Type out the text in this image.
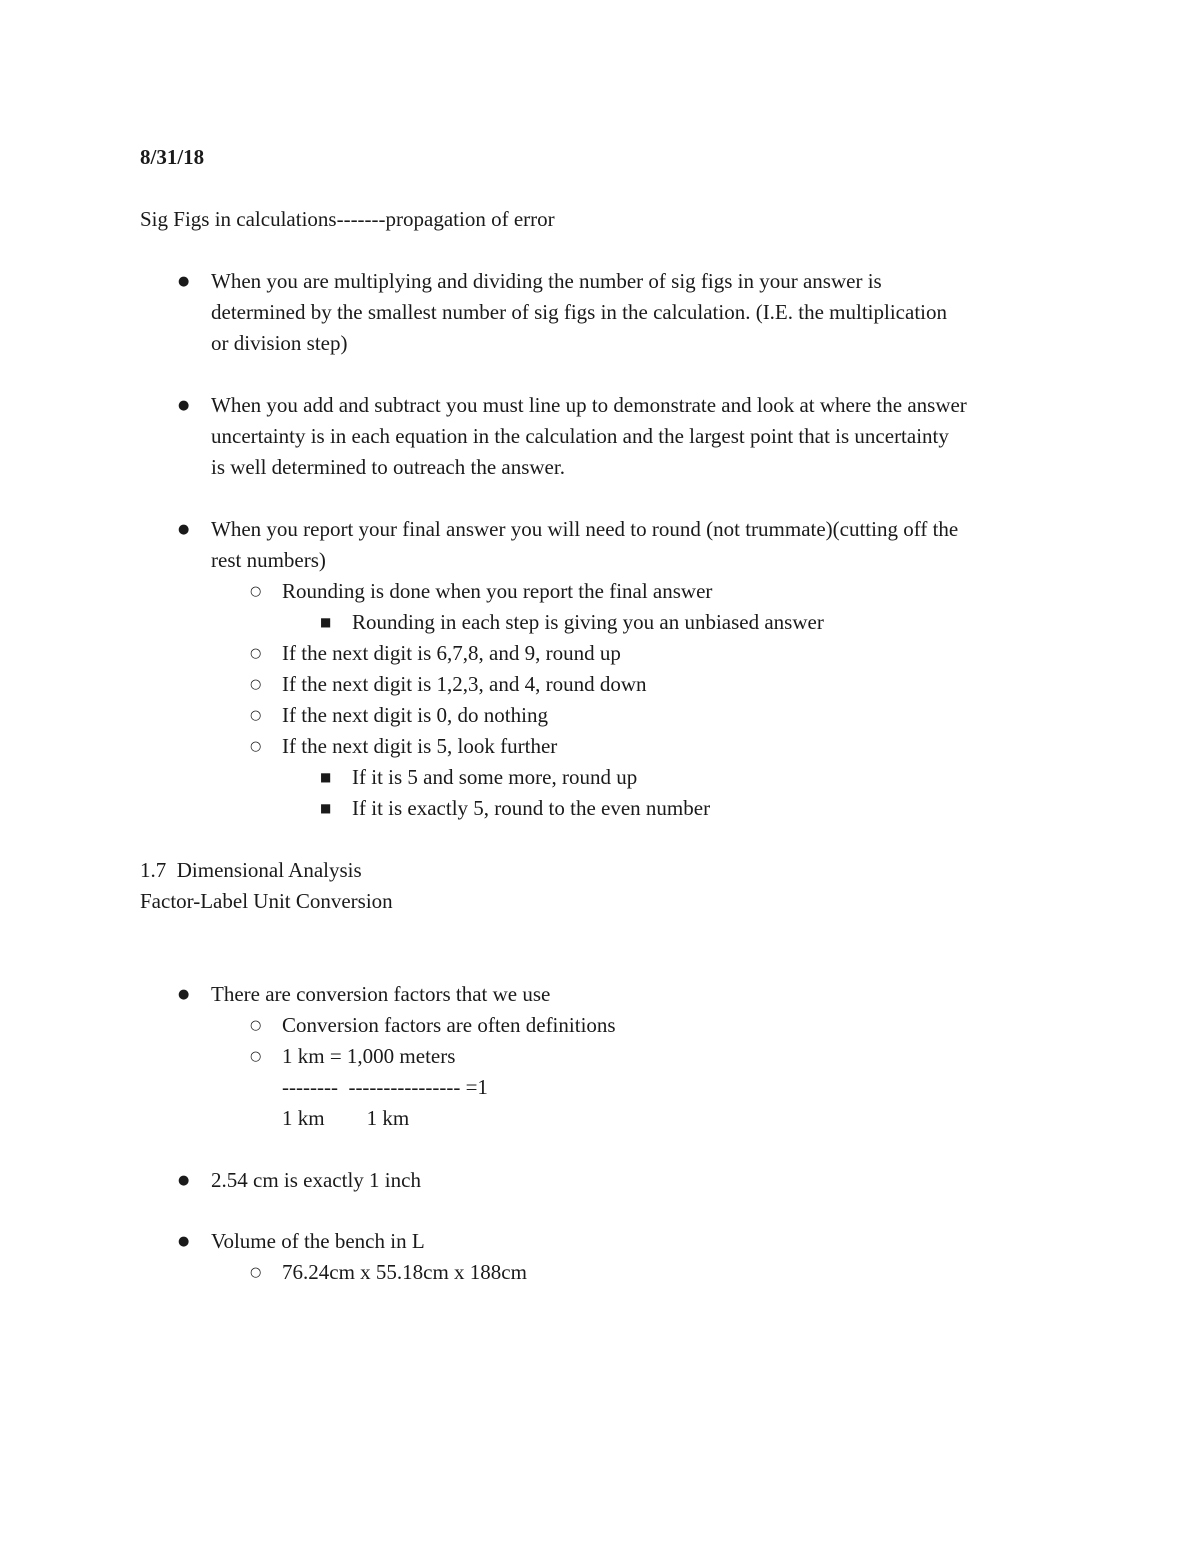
8/31/18
Sig Figs in calculations-------propagation of error
● When you are multiplying and dividing the number of sig figs in your answer is
determined by the smallest number of sig figs in the calculation. (I.E. the multiplication
or division step)
● When you add and subtract you must line up to demonstrate and look at where the answer
uncertainty is in each equation in the calculation and the largest point that is uncertainty
is well determined to outreach the answer.
● When you report your final answer you will need to round (not trummate)(cutting off the
rest numbers)
○ Rounding is done when you report the final answer
■ Rounding in each step is giving you an unbiased answer
○ If the next digit is 6,7,8, and 9, round up
○ If the next digit is 1,2,3, and 4, round down
○ If the next digit is 0, do nothing
○ If the next digit is 5, look further
■ If it is 5 and some more, round up
■ If it is exactly 5, round to the even number
1.7  Dimensional Analysis
Factor-Label Unit Conversion
● There are conversion factors that we use
○ Conversion factors are often definitions
○ 1 km = 1,000 meters
--------  ---------------- =1
1 km        1 km
● 2.54 cm is exactly 1 inch
● Volume of the bench in L
○ 76.24cm x 55.18cm x 188cm
